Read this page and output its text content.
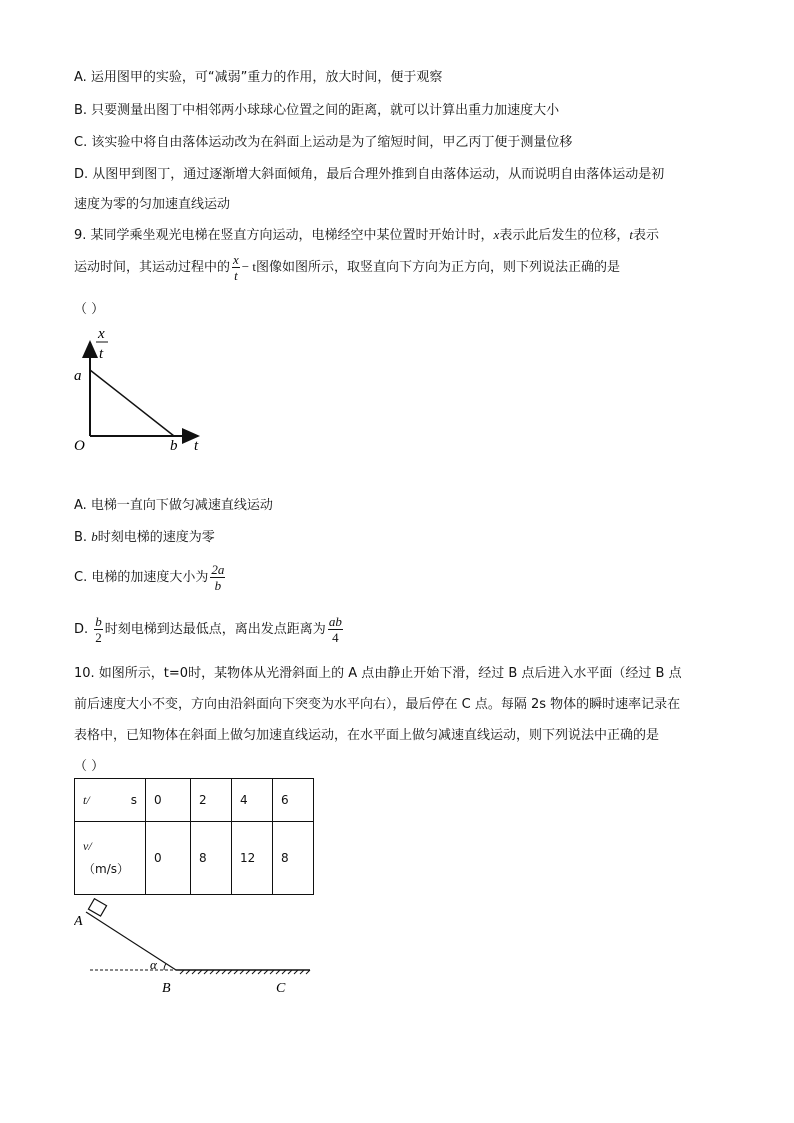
A. 运用图甲的实验，可“减弱”重力的作用，放大时间，便于观察
B. 只要测量出图丁中相邻两小球球心位置之间的距离，就可以计算出重力加速度大小
C. 该实验中将自由落体运动改为在斜面上运动是为了缩短时间，甲乙丙丁便于测量位移
D. 从图甲到图丁，通过逐渐增大斜面倾角，最后合理外推到自由落体运动，从而说明自由落体运动是初
速度为零的匀加速直线运动
9. 某同学乘坐观光电梯在竖直方向运动，电梯经空中某位置时开始计时，x表示此后发生的位移，t表示
运动时间，其运动过程中的 $\frac{x}{t} - t$图像如图所示，取竖直向下方向为正方向，则下列说法正确的是
（ ）
x
t
a
O	b t
A. 电梯一直向下做匀减速直线运动
B. b时刻电梯的速度为零
C. 电梯的加速度大小为 $\frac{2a}{b}$
D. $\frac{b}{2}$ 时刻电梯到达最低点，离出发点距离为 $\frac{ab}{4}$
10. 如图所示，t=0时，某物体从光滑斜面上的 A 点由静止开始下滑，经过 B 点后进入水平面（经过 B 点
前后速度大小不变，方向由沿斜面向下突变为水平向右），最后停在 C 点。每隔 2s 物体的瞬时速率记录在
表格中，已知物体在斜面上做匀加速直线运动，在水平面上做匀减速直线运动，则下列说法中正确的是
（ ）
t/ s	0	2	4	6

v/
（m/s）	0	8	12	8
α
A
B	C
